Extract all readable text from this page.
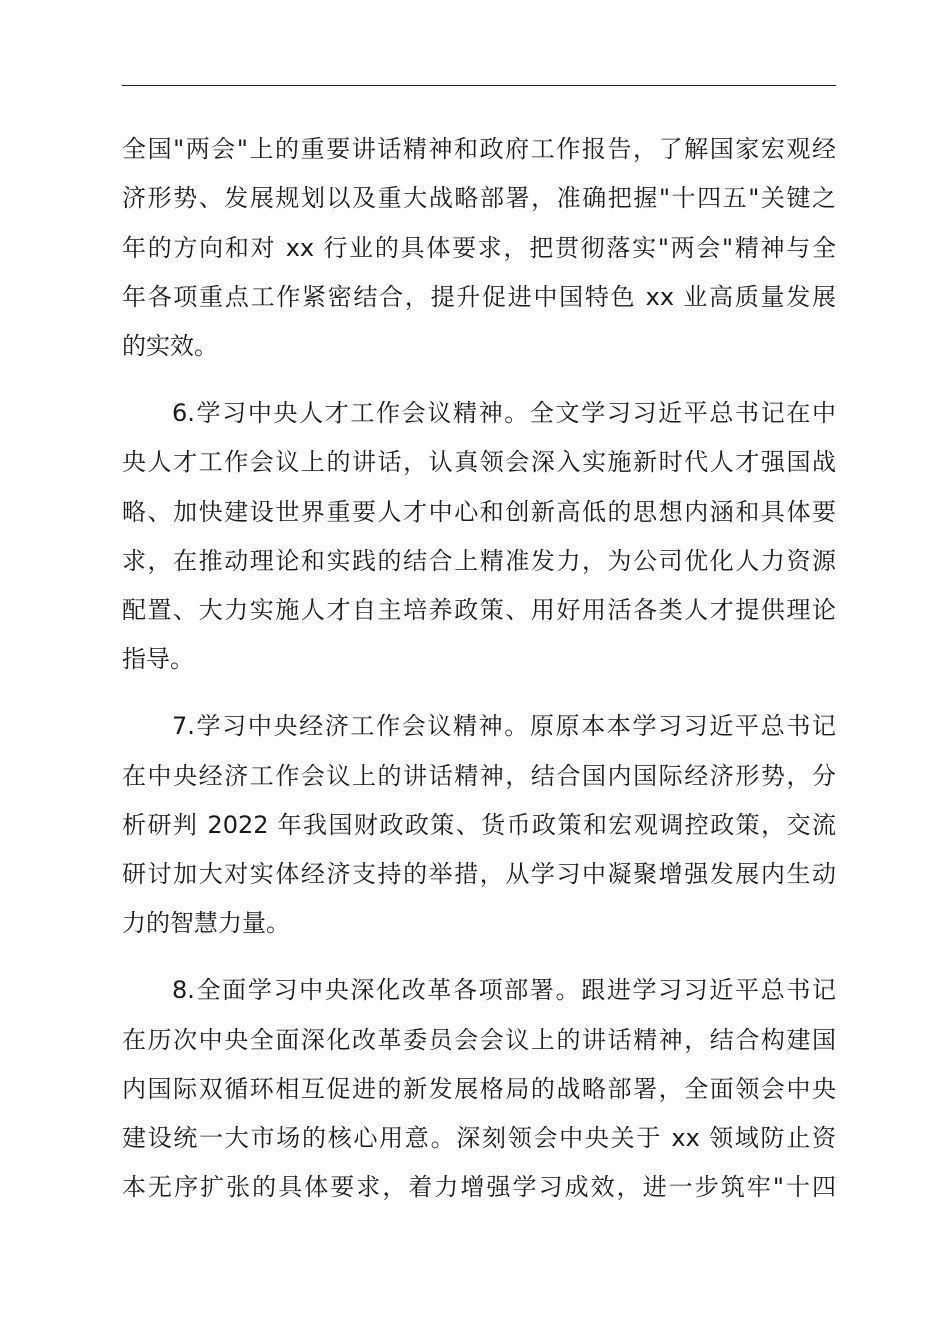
全国"两会"上的重要讲话精神和政府工作报告，了解国家宏观经
济形势、发展规划以及重大战略部署，准确把握"十四五"关键之
年的方向和对 xx 行业的具体要求，把贯彻落实"两会"精神与全
年各项重点工作紧密结合，提升促进中国特色 xx 业高质量发展
的实效。
6.学习中央人才工作会议精神。全文学习习近平总书记在中
央人才工作会议上的讲话，认真领会深入实施新时代人才强国战
略、加快建设世界重要人才中心和创新高低的思想内涵和具体要
求，在推动理论和实践的结合上精准发力，为公司优化人力资源
配置、大力实施人才自主培养政策、用好用活各类人才提供理论
指导。
7.学习中央经济工作会议精神。原原本本学习习近平总书记
在中央经济工作会议上的讲话精神，结合国内国际经济形势，分
析研判 2022 年我国财政政策、货币政策和宏观调控政策，交流
研讨加大对实体经济支持的举措，从学习中凝聚增强发展内生动
力的智慧力量。
8.全面学习中央深化改革各项部署。跟进学习习近平总书记
在历次中央全面深化改革委员会会议上的讲话精神，结合构建国
内国际双循环相互促进的新发展格局的战略部署，全面领会中央
建设统一大市场的核心用意。深刻领会中央关于 xx 领域防止资
本无序扩张的具体要求，着力增强学习成效，进一步筑牢"十四
